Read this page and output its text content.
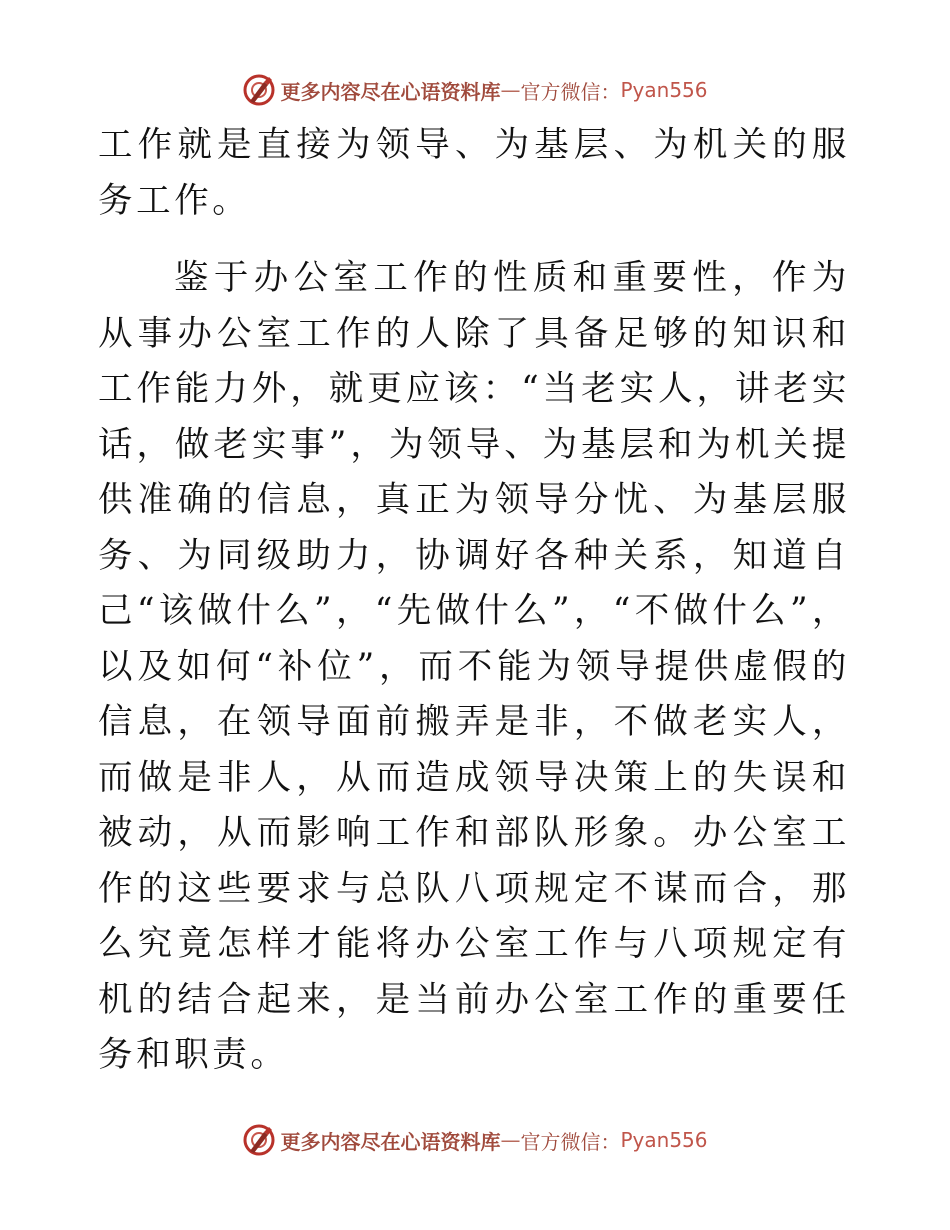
更多内容尽在心语资料库 — 官方微信： Pyan556

工作就是直接为领导、为基层、为机关的服务工作。

鉴于办公室工作的性质和重要性，作为从事办公室工作的人除了具备足够的知识和工作能力外，就更应该：“当老实人，讲老实话，做老实事”，为领导、为基层和为机关提供准确的信息，真正为领导分忧、为基层服务、为同级助力，协调好各种关系，知道自己“该做什么”，“先做什么”，“不做什么”，以及如何“补位”，而不能为领导提供虚假的信息，在领导面前搬弄是非，不做老实人，而做是非人，从而造成领导决策上的失误和被动，从而影响工作和部队形象。办公室工作的这些要求与总队八项规定不谋而合，那么究竟怎样才能将办公室工作与八项规定有机的结合起来，是当前办公室工作的重要任务和职责。

更多内容尽在心语资料库 — 官方微信： Pyan556
